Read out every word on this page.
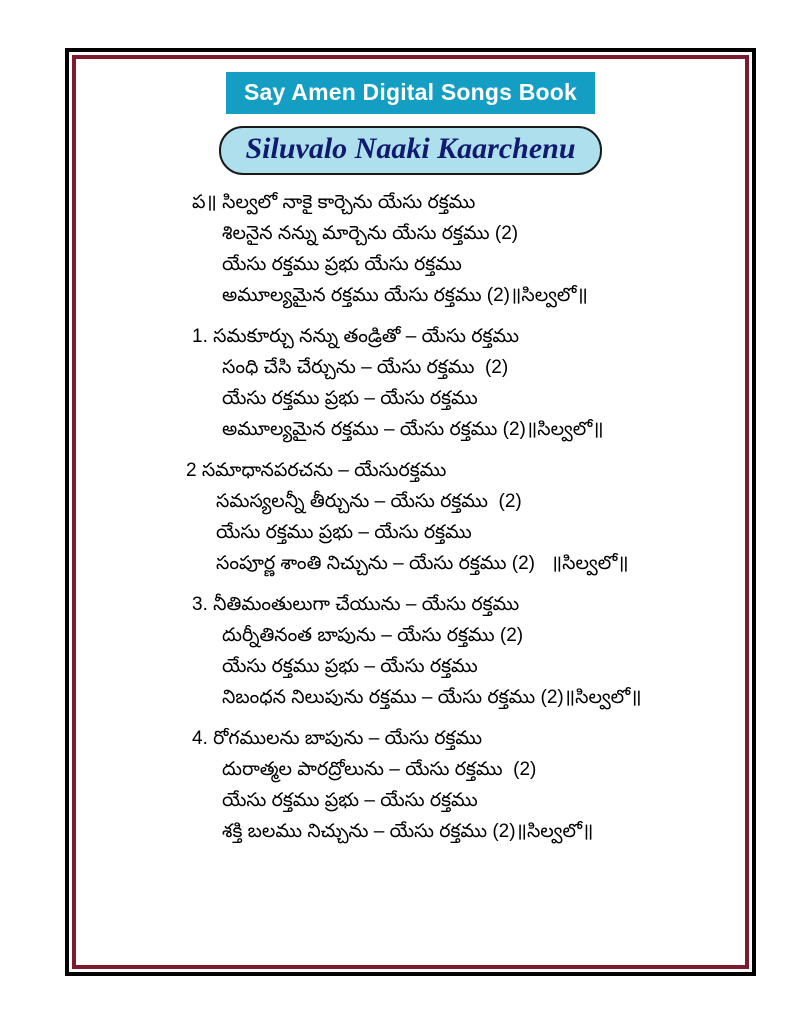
Say Amen Digital Songs Book
Siluvalo Naaki Kaarchenu
ప॥ సిల్వలో నాకై కార్చెను యేసు రక్తము
శిలనైన నన్ను మార్చెను యేసు రక్తము (2)
యేసు రక్తము ప్రభు యేసు రక్తము
అమూల్యమైన రక్తము యేసు రక్తము (2)॥సిల్వలో॥
1. సమకూర్చు నన్ను తండ్రితో – యేసు రక్తము
సంధి చేసి చేర్చును – యేసు రక్తము  (2)
యేసు రక్తము ప్రభు – యేసు రక్తము
అమూల్యమైన రక్తము – యేసు రక్తము (2)॥సిల్వలో॥
2 సమాధానపరచను – యేసురక్తము
సమస్యలన్నీ తీర్చును – యేసు రక్తము  (2)
యేసు రక్తము ప్రభు – యేసు రక్తము
సంపూర్ణ శాంతి నిచ్చును – యేసు రక్తము (2)   ॥సిల్వలో॥
3. నీతిమంతులుగా చేయును – యేసు రక్తము
దుర్నీతినంత బాపును – యేసు రక్తము (2)
యేసు రక్తము ప్రభు – యేసు రక్తము
నిబంధన నిలుపును రక్తము – యేసు రక్తము (2)॥సిల్వలో॥
4. రోగములను బాపును – యేసు రక్తము
దురాత్మల పారద్రోలును – యేసు రక్తము  (2)
యేసు రక్తము ప్రభు – యేసు రక్తము
శక్తి బలము నిచ్చును – యేసు రక్తము (2)॥సిల్వలో॥
